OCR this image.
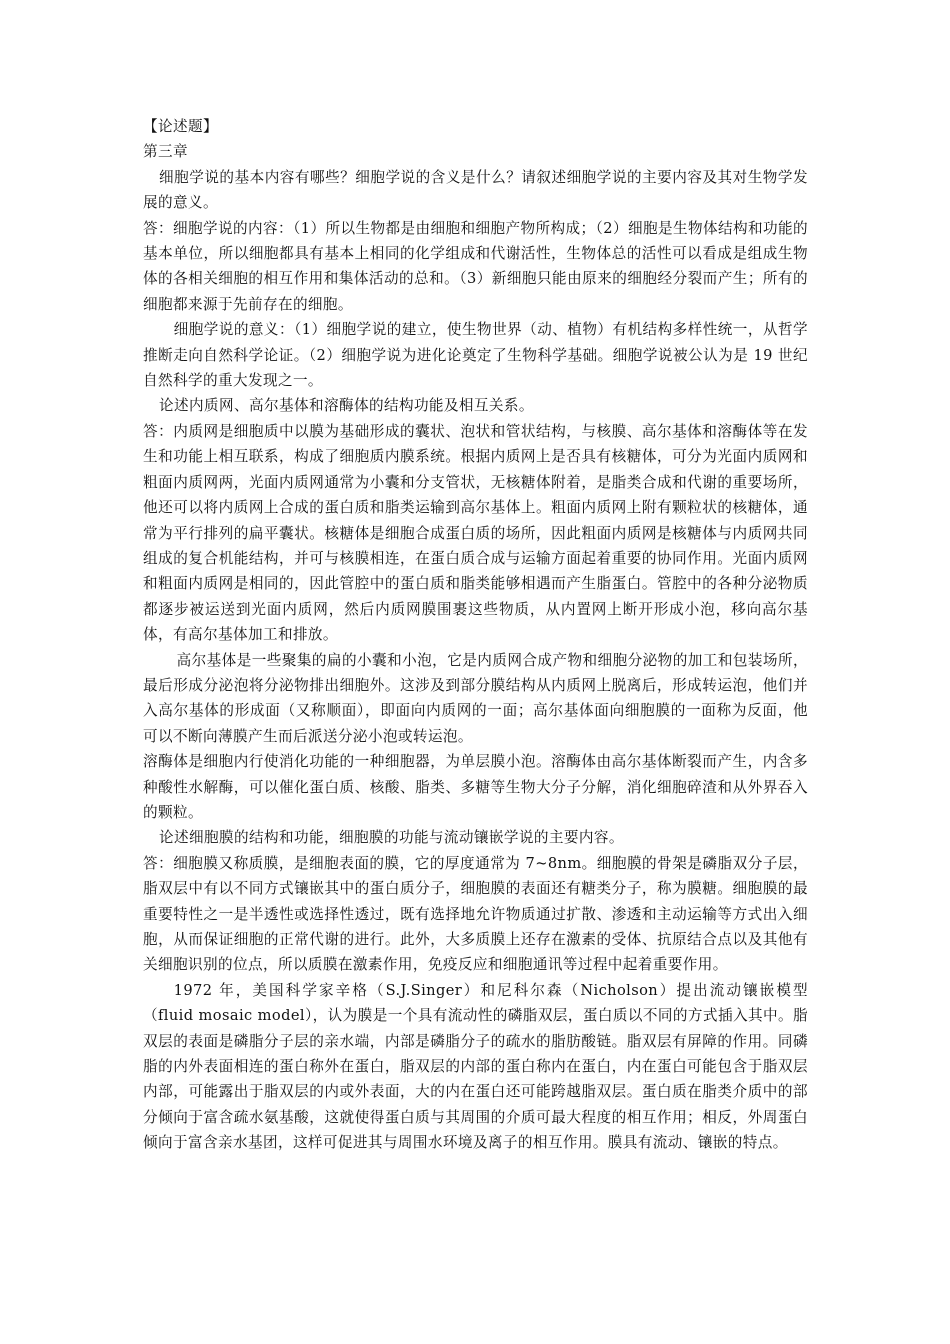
【论述题】

第三章

细胞学说的基本内容有哪些？细胞学说的含义是什么？请叙述细胞学说的主要内容及其对生物学发展的意义。

答：细胞学说的内容：（1）所以生物都是由细胞和细胞产物所构成；（2）细胞是生物体结构和功能的基本单位，所以细胞都具有基本上相同的化学组成和代谢活性，生物体总的活性可以看成是组成生物体的各相关细胞的相互作用和集体活动的总和。（3）新细胞只能由原来的细胞经分裂而产生；所有的细胞都来源于先前存在的细胞。

细胞学说的意义：（1）细胞学说的建立，使生物世界（动、植物）有机结构多样性统一，从哲学推断走向自然科学论证。（2）细胞学说为进化论奠定了生物科学基础。细胞学说被公认为是 19 世纪自然科学的重大发现之一。

论述内质网、高尔基体和溶酶体的结构功能及相互关系。

答：内质网是细胞质中以膜为基础形成的囊状、泡状和管状结构，与核膜、高尔基体和溶酶体等在发生和功能上相互联系，构成了细胞质内膜系统。根据内质网上是否具有核糖体，可分为光面内质网和粗面内质网两，光面内质网通常为小囊和分支管状，无核糖体附着，是脂类合成和代谢的重要场所，他还可以将内质网上合成的蛋白质和脂类运输到高尔基体上。粗面内质网上附有颗粒状的核糖体，通常为平行排列的扁平囊状。核糖体是细胞合成蛋白质的场所，因此粗面内质网是核糖体与内质网共同组成的复合机能结构，并可与核膜相连，在蛋白质合成与运输方面起着重要的协同作用。光面内质网和粗面内质网是相同的，因此管腔中的蛋白质和脂类能够相遇而产生脂蛋白。管腔中的各种分泌物质都逐步被运送到光面内质网，然后内质网膜围裹这些物质，从内置网上断开形成小泡，移向高尔基体，有高尔基体加工和排放。

高尔基体是一些聚集的扁的小囊和小泡，它是内质网合成产物和细胞分泌物的加工和包装场所，最后形成分泌泡将分泌物排出细胞外。这涉及到部分膜结构从内质网上脱离后，形成转运泡，他们并入高尔基体的形成面（又称顺面），即面向内质网的一面；高尔基体面向细胞膜的一面称为反面，他可以不断向薄膜产生而后派送分泌小泡或转运泡。

溶酶体是细胞内行使消化功能的一种细胞器，为单层膜小泡。溶酶体由高尔基体断裂而产生，内含多种酸性水解酶，可以催化蛋白质、核酸、脂类、多糖等生物大分子分解，消化细胞碎渣和从外界吞入的颗粒。

论述细胞膜的结构和功能，细胞膜的功能与流动镶嵌学说的主要内容。

答：细胞膜又称质膜，是细胞表面的膜，它的厚度通常为 7~8nm。细胞膜的骨架是磷脂双分子层，脂双层中有以不同方式镶嵌其中的蛋白质分子，细胞膜的表面还有糖类分子，称为膜糖。细胞膜的最重要特性之一是半透性或选择性透过，既有选择地允许物质通过扩散、渗透和主动运输等方式出入细胞，从而保证细胞的正常代谢的进行。此外，大多质膜上还存在激素的受体、抗原结合点以及其他有关细胞识别的位点，所以质膜在激素作用，免疫反应和细胞通讯等过程中起着重要作用。

1972 年，美国科学家辛格（S.J.Singer）和尼科尔森（Nicholson）提出流动镶嵌模型（fluid mosaic model），认为膜是一个具有流动性的磷脂双层，蛋白质以不同的方式插入其中。脂双层的表面是磷脂分子层的亲水端，内部是磷脂分子的疏水的脂肪酸链。脂双层有屏障的作用。同磷脂的内外表面相连的蛋白称外在蛋白，脂双层的内部的蛋白称内在蛋白，内在蛋白可能包含于脂双层内部，可能露出于脂双层的内或外表面，大的内在蛋白还可能跨越脂双层。蛋白质在脂类介质中的部分倾向于富含疏水氨基酸，这就使得蛋白质与其周围的介质可最大程度的相互作用；相反，外周蛋白倾向于富含亲水基团，这样可促进其与周围水环境及离子的相互作用。膜具有流动、镶嵌的特点。
